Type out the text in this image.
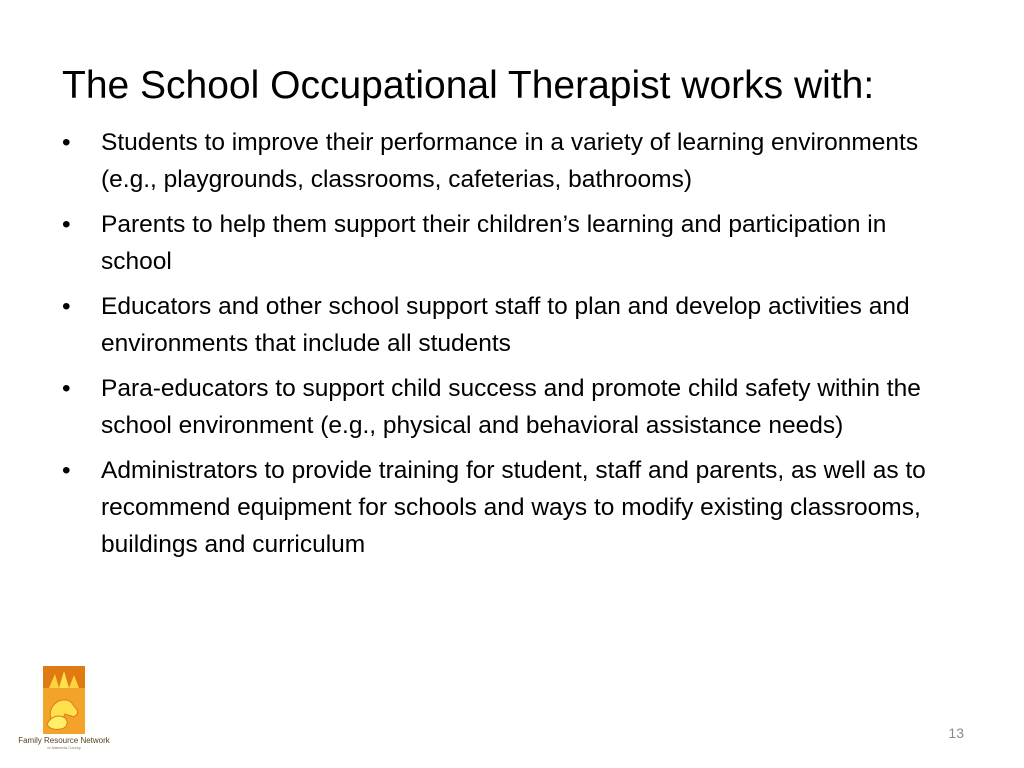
The School Occupational Therapist works with:
•	Students to improve their performance in a variety of learning environments (e.g., playgrounds, classrooms, cafeterias, bathrooms)
•	Parents to help them support their children’s learning and participation in school
•	Educators and other school support staff to plan and develop activities and environments that include all students
•	Para-educators to support child success and promote child safety within the school environment (e.g., physical and behavioral assistance needs)
•	Administrators to provide training for student, staff and parents, as well as to recommend equipment for schools and ways to modify existing classrooms, buildings and curriculum
Family Resource Network
of Alameda County
13
